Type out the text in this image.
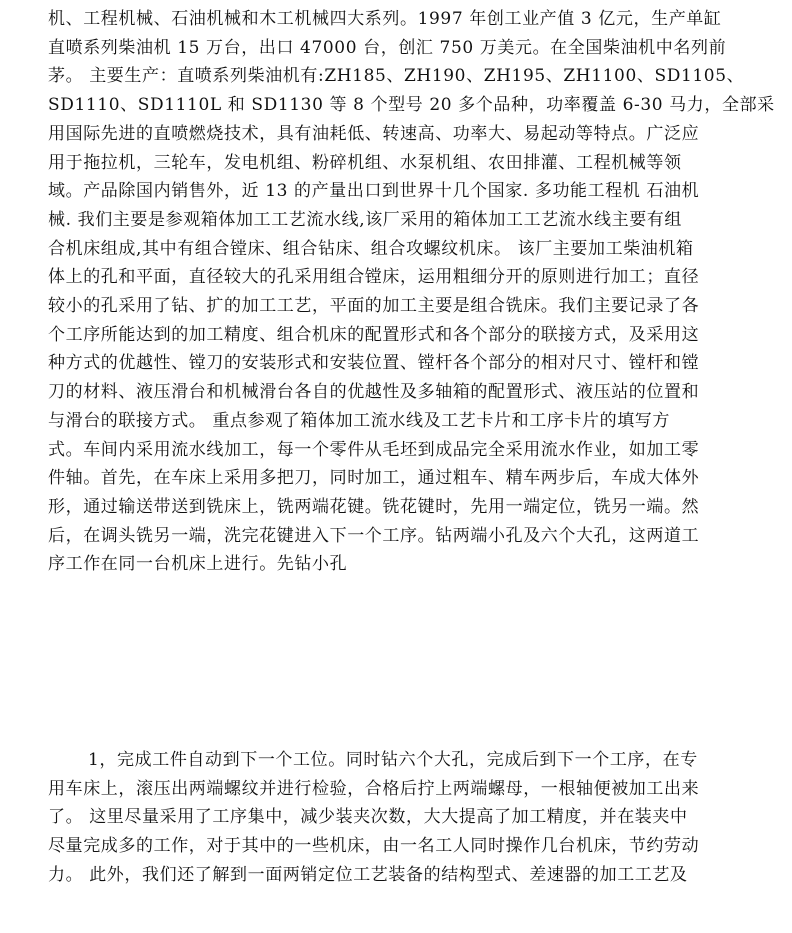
机、工程机械、石油机械和木工机械四大系列。1997 年创工业产值 3 亿元，生产单缸
直喷系列柴油机 15 万台，出口 47000 台，创汇 750 万美元。在全国柴油机中名列前
茅。 主要生产：直喷系列柴油机有:ZH185、ZH190、ZH195、ZH1100、SD1105、
SD1110、SD1110L 和 SD1130 等 8 个型号 20 多个品种，功率覆盖 6-30 马力，全部采
用国际先进的直喷燃烧技术，具有油耗低、转速高、功率大、易起动等特点。广泛应
用于拖拉机，三轮车，发电机组、粉碎机组、水泵机组、农田排灌、工程机械等领
域。产品除国内销售外，近 13 的产量出口到世界十几个国家. 多功能工程机 石油机
械. 我们主要是参观箱体加工工艺流水线,该厂采用的箱体加工工艺流水线主要有组
合机床组成,其中有组合镗床、组合钻床、组合攻螺纹机床。 该厂主要加工柴油机箱
体上的孔和平面，直径较大的孔采用组合镗床，运用粗细分开的原则进行加工；直径
较小的孔采用了钻、扩的加工工艺，平面的加工主要是组合铣床。我们主要记录了各
个工序所能达到的加工精度、组合机床的配置形式和各个部分的联接方式，及采用这
种方式的优越性、镗刀的安装形式和安装位置、镗杆各个部分的相对尺寸、镗杆和镗
刀的材料、液压滑台和机械滑台各自的优越性及多轴箱的配置形式、液压站的位置和
与滑台的联接方式。 重点参观了箱体加工流水线及工艺卡片和工序卡片的填写方
式。车间内采用流水线加工，每一个零件从毛坯到成品完全采用流水作业，如加工零
件轴。首先，在车床上采用多把刀，同时加工，通过粗车、精车两步后，车成大体外
形，通过输送带送到铣床上，铣两端花键。铣花键时，先用一端定位，铣另一端。然
后，在调头铣另一端，洗完花键进入下一个工序。钻两端小孔及六个大孔，这两道工
序工作在同一台机床上进行。先钻小孔
1，完成工件自动到下一个工位。同时钻六个大孔，完成后到下一个工序，在专
用车床上，滚压出两端螺纹并进行检验，合格后拧上两端螺母，一根轴便被加工出来
了。 这里尽量采用了工序集中，减少装夹次数，大大提高了加工精度，并在装夹中
尽量完成多的工作，对于其中的一些机床，由一名工人同时操作几台机床，节约劳动
力。 此外，我们还了解到一面两销定位工艺装备的结构型式、差速器的加工工艺及
